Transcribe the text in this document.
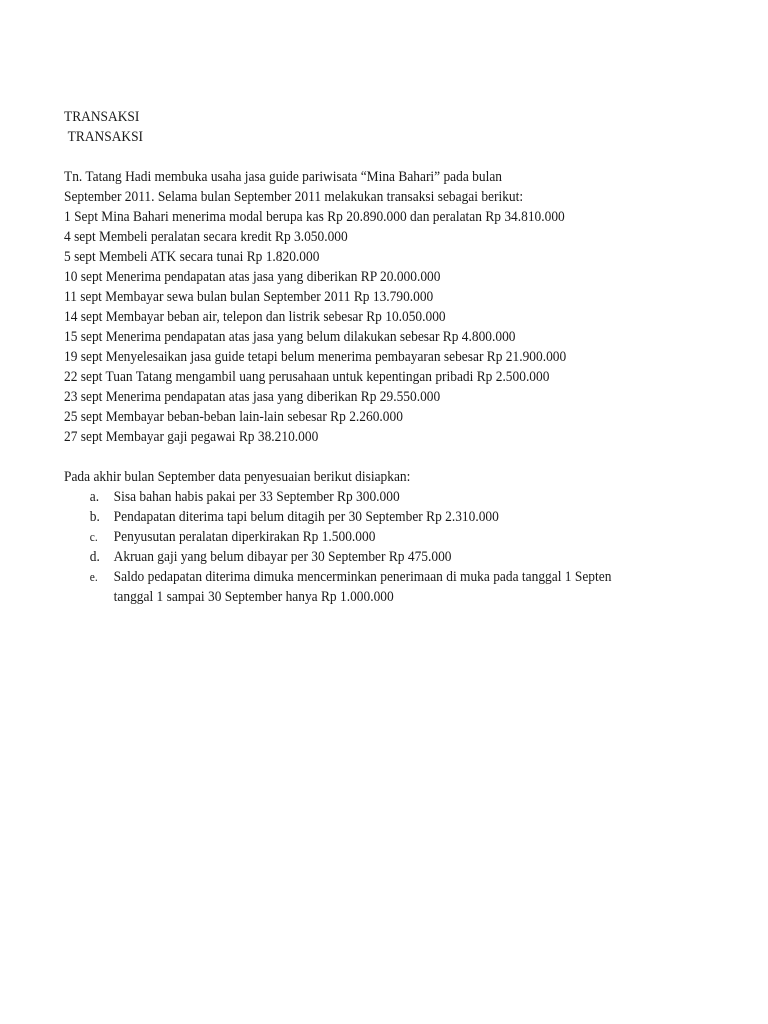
TRANSAKSI
TRANSAKSI
Tn. Tatang Hadi membuka usaha jasa guide pariwisata “Mina Bahari” pada bulan
September 2011. Selama bulan September 2011 melakukan transaksi sebagai berikut:
1 Sept Mina Bahari menerima modal berupa kas Rp 20.890.000 dan peralatan Rp 34.810.000
4 sept Membeli peralatan secara kredit Rp 3.050.000
5 sept Membeli ATK secara tunai Rp 1.820.000
10 sept Menerima pendapatan atas jasa yang diberikan RP 20.000.000
11 sept Membayar sewa bulan bulan September 2011 Rp 13.790.000
14 sept Membayar beban air, telepon dan listrik sebesar Rp 10.050.000
15 sept Menerima pendapatan atas jasa yang belum dilakukan sebesar Rp 4.800.000
19 sept Menyelesaikan jasa guide tetapi belum menerima pembayaran sebesar Rp 21.900.000
22 sept Tuan Tatang mengambil uang perusahaan untuk kepentingan pribadi Rp 2.500.000
23 sept Menerima pendapatan atas jasa yang diberikan Rp 29.550.000
25 sept Membayar beban-beban lain-lain sebesar Rp 2.260.000
27 sept Membayar gaji pegawai Rp 38.210.000
Pada akhir bulan September data penyesuaian berikut disiapkan:
a. Sisa bahan habis pakai per 33 September Rp 300.000
b. Pendapatan diterima tapi belum ditagih per 30 September Rp 2.310.000
c. Penyusutan peralatan diperkirakan Rp 1.500.000
d. Akruan gaji yang belum dibayar per 30 September Rp 475.000
e. Saldo pedapatan diterima dimuka mencerminkan penerimaan di muka pada tanggal 1 Septen
tanggal 1 sampai 30 September hanya Rp 1.000.000
